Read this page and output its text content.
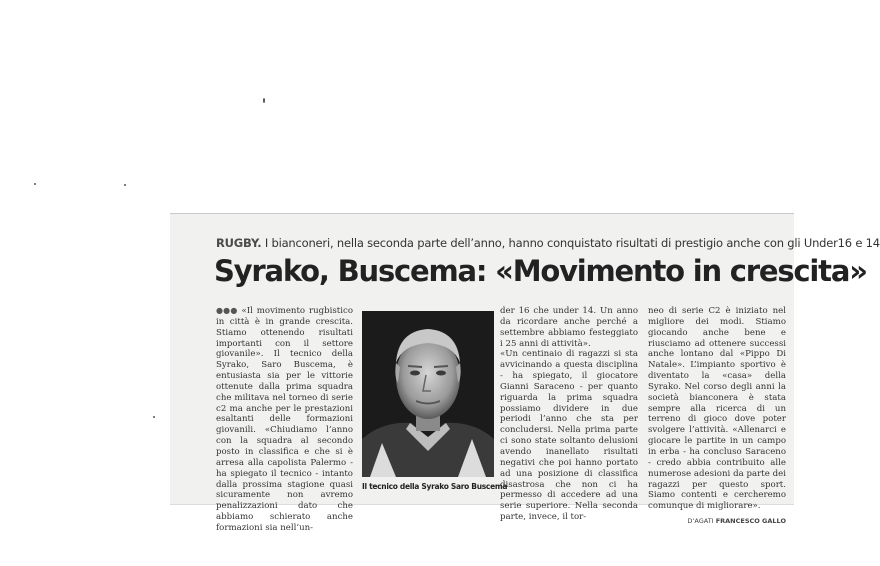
RUGBY. I bianconeri, nella seconda parte dell’anno, hanno conquistato risultati di prestigio anche con gli Under16 e 14
Syrako, Buscema: «Movimento in crescita»

●●● «Il movimento rugbistico in città è in grande crescita. Stiamo ottenendo risultati importanti con il settore giovanile». Il tecnico della Syrako, Saro Buscema, è entusiasta sia per le vittorie ottenute dalla prima squadra che militava nel torneo di serie c2 ma anche per le prestazioni esaltanti delle formazioni giovanili. «Chiudiamo l’anno con la squadra al secondo posto in classifica e che si è arresa alla capolista Palermo - ha spiegato il tecnico - intanto dalla prossima stagione quasi sicuramente non avremo penalizzazioni dato che abbiamo schierato anche formazioni sia nell’un-

Il tecnico della Syrako Saro Buscema

der 16 che under 14. Un anno da ricordare anche perché a settembre abbiamo festeggiato i 25 anni di attività».

«Un centinaio di ragazzi si sta avvicinando a questa disciplina - ha spiegato, il giocatore Gianni Saraceno - per quanto riguarda la prima squadra possiamo dividere in due periodi l’anno che sta per concludersi. Nella prima parte ci sono state soltanto delusioni avendo inanellato risultati negativi che poi hanno portato ad una posizione di classifica disastrosa che non ci ha permesso di accedere ad una serie superiore. Nella seconda parte, invece, il tor-

neo di serie C2 è iniziato nel migliore dei modi. Stiamo giocando anche bene e riusciamo ad ottenere successi anche lontano dal «Pippo Di Natale». L’impianto sportivo è diventato la «casa» della Syrako. Nel corso degli anni la società bianconera è stata sempre alla ricerca di un terreno di gioco dove poter svolgere l’attività. «Allenarci e giocare le partite in un campo in erba - ha concluso Saraceno - credo abbia contribuito alle numerose adesioni da parte dei ragazzi per questo sport. Siamo contenti e cercheremo comunque di migliorare».

D’AGATI FRANCESCO GALLO
